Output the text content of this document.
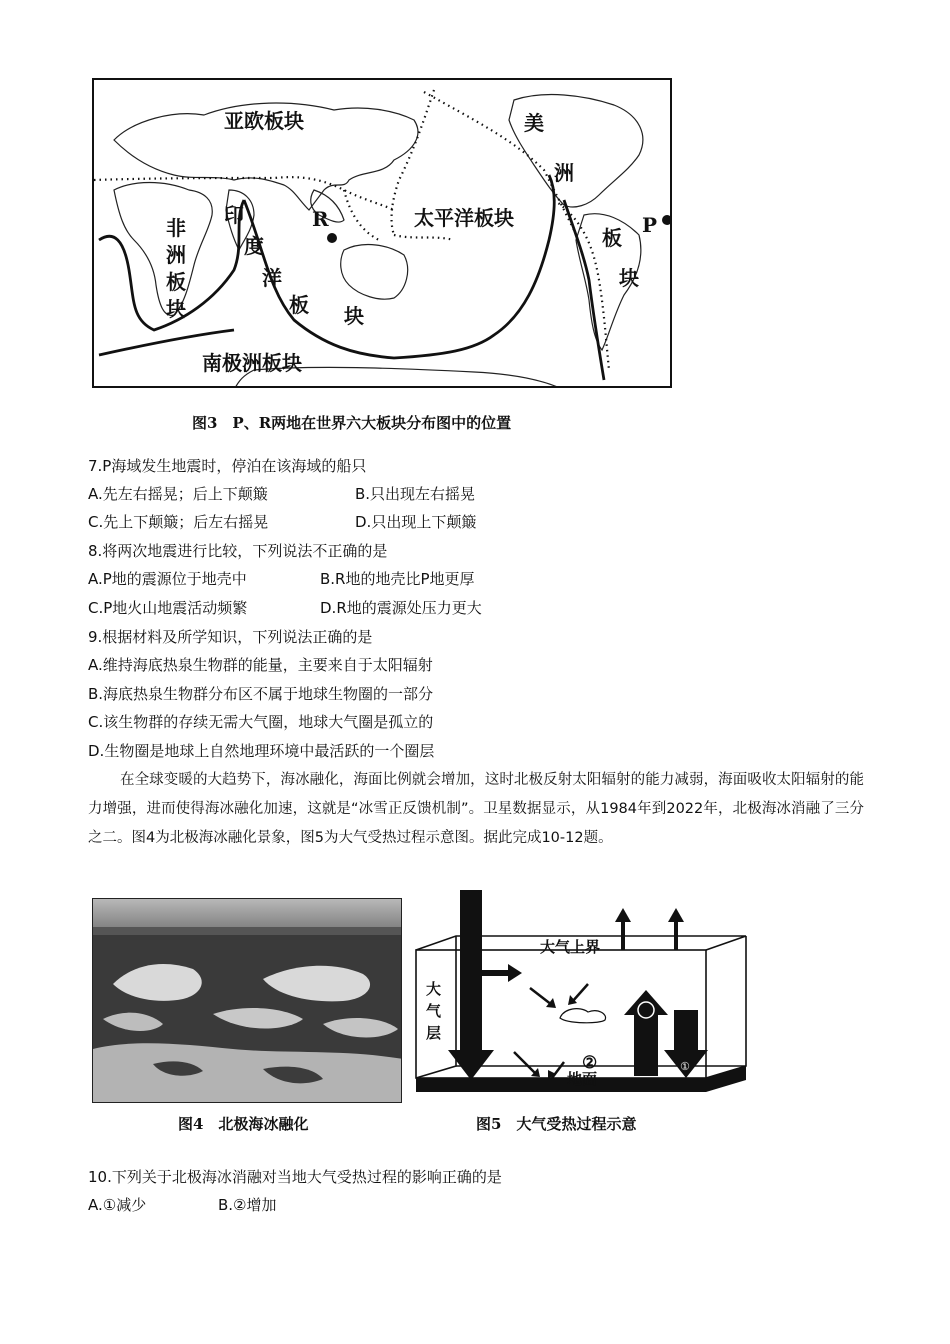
亚欧板块	美
洲
板
块
非
洲
板
块
印
度
洋
板 块
太平洋板块
南极洲板块
R	P
图3　P、R两地在世界六大板块分布图中的位置
7.P海域发生地震时，停泊在该海域的船只
A.先左右摇晃；后上下颠簸	B.只出现左右摇晃
C.先上下颠簸；后左右摇晃	D.只出现上下颠簸
8.将两次地震进行比较，下列说法不正确的是
A.P地的震源位于地壳中	B.R地的地壳比P地更厚
C.P地火山地震活动频繁	D.R地的震源处压力更大
9.根据材料及所学知识，下列说法正确的是
A.维持海底热泉生物群的能量，主要来自于太阳辐射
B.海底热泉生物群分布区不属于地球生物圈的一部分
C.该生物群的存续无需大气圈，地球大气圈是孤立的
D.生物圈是地球上自然地理环境中最活跃的一个圈层
在全球变暖的大趋势下，海冰融化，海面比例就会增加，这时北极反射太阳辐射的能力减弱，海面吸收太阳辐射的能力增强，进而使得海冰融化加速，这就是“冰雪正反馈机制”。卫星数据显示，从1984年到2022年，北极海冰消融了三分之二。图4为北极海冰融化景象，图5为大气受热过程示意图。据此完成10-12题。
图4　北极海冰融化
大气上界
大
气
层
地面
②	①
图5　大气受热过程示意
10.下列关于北极海冰消融对当地大气受热过程的影响正确的是
A.①减少	B.②增加
